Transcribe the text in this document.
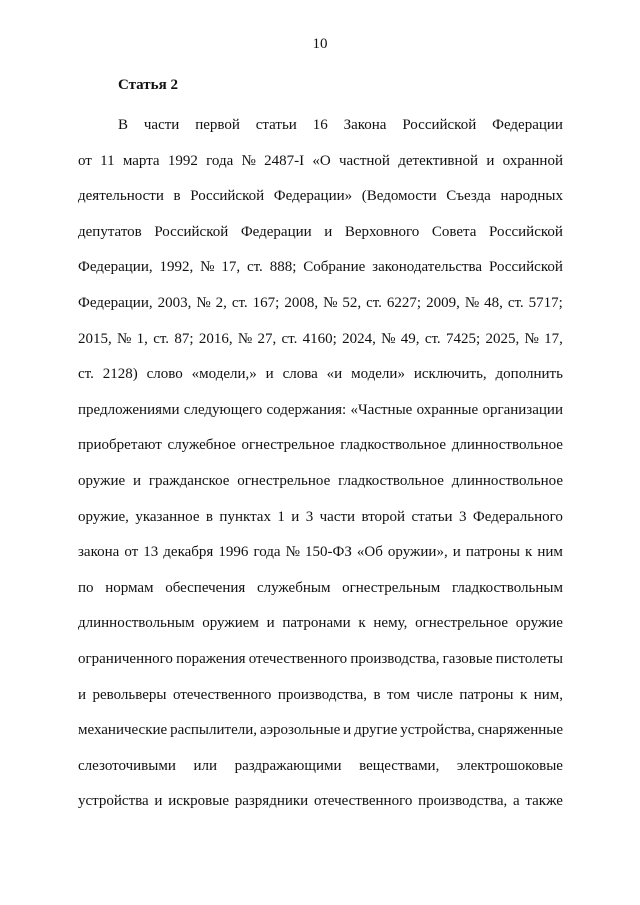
10
Статья 2
В части первой статьи 16 Закона Российской Федерации
от 11 марта 1992 года № 2487-I «О частной детективной и охранной
деятельности в Российской Федерации» (Ведомости Съезда народных
депутатов Российской Федерации и Верховного Совета Российской
Федерации, 1992, № 17, ст. 888; Собрание законодательства Российской
Федерации, 2003, № 2, ст. 167; 2008, № 52, ст. 6227; 2009, № 48, ст. 5717;
2015, № 1, ст. 87; 2016, № 27, ст. 4160; 2024, № 49, ст. 7425; 2025, № 17,
ст. 2128) слово «модели,» и слова «и модели» исключить, дополнить
предложениями следующего содержания: «Частные охранные организации
приобретают служебное огнестрельное гладкоствольное длинноствольное
оружие и гражданское огнестрельное гладкоствольное длинноствольное
оружие, указанное в пунктах 1 и 3 части второй статьи 3 Федерального
закона от 13 декабря 1996 года № 150-ФЗ «Об оружии», и патроны к ним
по нормам обеспечения служебным огнестрельным гладкоствольным
длинноствольным оружием и патронами к нему, огнестрельное оружие
ограниченного поражения отечественного производства, газовые пистолеты
и револьверы отечественного производства, в том числе патроны к ним,
механические распылители, аэрозольные и другие устройства, снаряженные
слезоточивыми или раздражающими веществами, электрошоковые
устройства и искровые разрядники отечественного производства, а также
